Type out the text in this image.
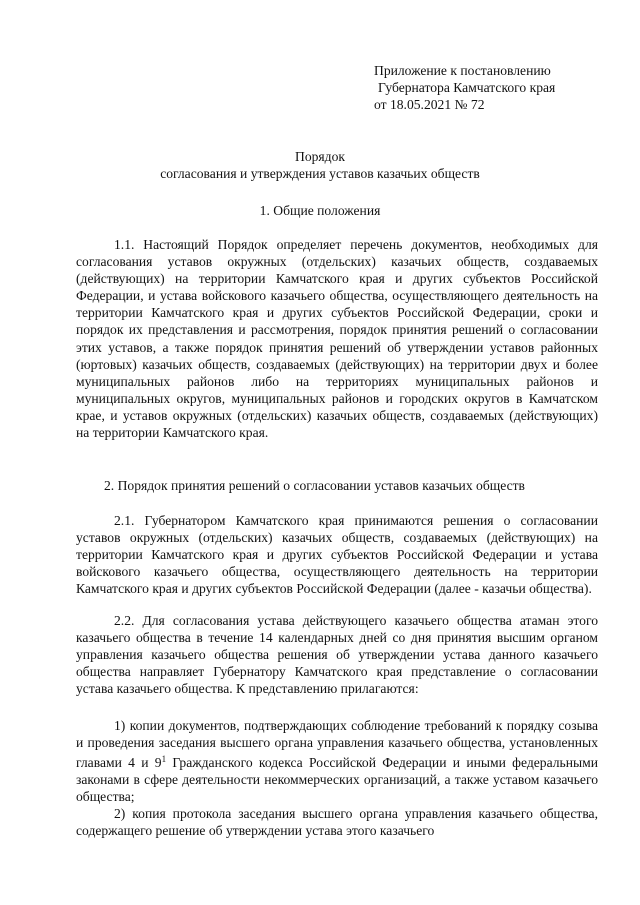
Приложение к постановлению
Губернатора Камчатского края
от 18.05.2021 № 72
Порядок
согласования и утверждения уставов казачьих обществ
1. Общие положения
1.1. Настоящий Порядок определяет перечень документов, необходимых для согласования уставов окружных (отдельских) казачьих обществ, создаваемых (действующих) на территории Камчатского края и других субъектов Российской Федерации, и устава войскового казачьего общества, осуществляющего деятельность на территории Камчатского края и других субъектов Российской Федерации, сроки и порядок их представления и рассмотрения, порядок принятия решений о согласовании этих уставов, а также порядок принятия решений об утверждении уставов районных (юртовых) казачьих обществ, создаваемых (действующих) на территории двух и более муниципальных районов либо на территориях муниципальных районов и муниципальных округов, муниципальных районов и городских округов в Камчатском крае, и уставов окружных (отдельских) казачьих обществ, создаваемых (действующих) на территории Камчатского края.
2. Порядок принятия решений о согласовании уставов казачьих обществ
2.1. Губернатором Камчатского края принимаются решения о согласовании уставов окружных (отдельских) казачьих обществ, создаваемых (действующих) на территории Камчатского края и других субъектов Российской Федерации и устава войскового казачьего общества, осуществляющего деятельность на территории Камчатского края и других субъектов Российской Федерации (далее - казачьи общества).
2.2. Для согласования устава действующего казачьего общества атаман этого казачьего общества в течение 14 календарных дней со дня принятия высшим органом управления казачьего общества решения об утверждении устава данного казачьего общества направляет Губернатору Камчатского края представление о согласовании устава казачьего общества. К представлению прилагаются:
1) копии документов, подтверждающих соблюдение требований к порядку созыва и проведения заседания высшего органа управления казачьего общества, установленных главами 4 и $9^1$ Гражданского кодекса Российской Федерации и иными федеральными законами в сфере деятельности некоммерческих организаций, а также уставом казачьего общества;
2) копия протокола заседания высшего органа управления казачьего общества, содержащего решение об утверждении устава этого казачьего
